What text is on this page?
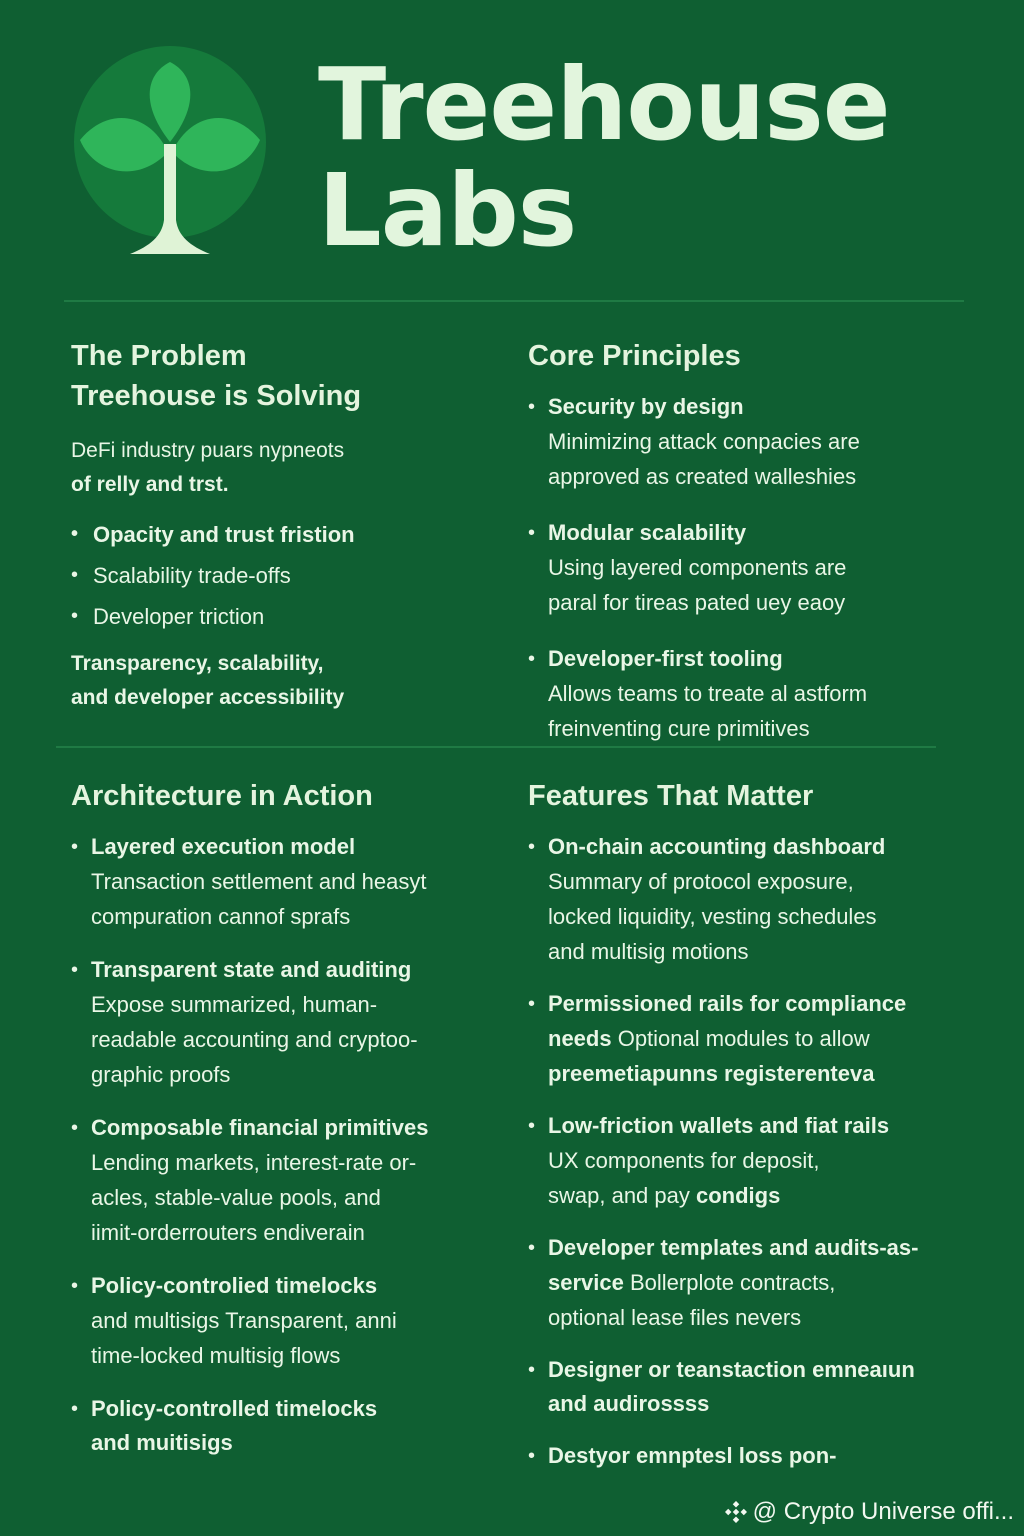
Treehouse
Labs
The Problem
Treehouse is Solving

DeFi industry puars nypneots
of relly and trst.

• Opacity and trust fristion
• Scalability trade-offs
• Developer triction

Transparency, scalability,
and developer accessibility

Core Principles
• Security by design
Minimizing attack conpacies are
approved as created walleshies
• Modular scalability
Using layered components are
paral for tireas pated uey eaoy
• Developer-first tooling
Allows teams to treate al astform
freinventing cure primitives
Architecture in Action
• Layered execution model
Transaction settlement and heasyt
compuration cannof sprafs
• Transparent state and auditing
Expose summarized, human-
readable accounting and cryptoo-
graphic proofs
• Composable financial primitives
Lending markets, interest-rate or-
acles, stable-value pools, and
iimit-orderrouters endiverain
• Policy-controlied timelocks
and multisigs Transparent, anni
time-locked multisig flows
• Policy-controlled timelocks
and muitisigs
Features That Matter
• On-chain accounting dashboard
Summary of protocol exposure,
locked liquidity, vesting schedules
and multisig motions
• Permissioned rails for compliance
needs Optional modules to allow
preemetiapunns registerenteva
• Low-friction wallets and fiat rails
UX components for deposit,
swap, and pay condigs
• Developer templates and audits-as-
service Bollerplote contracts,
optional lease files nevers
• Designer or teanstaction emneaıun
and audirossss
• Destyor emnptesl loss pon-
@ Crypto Universe offi...
